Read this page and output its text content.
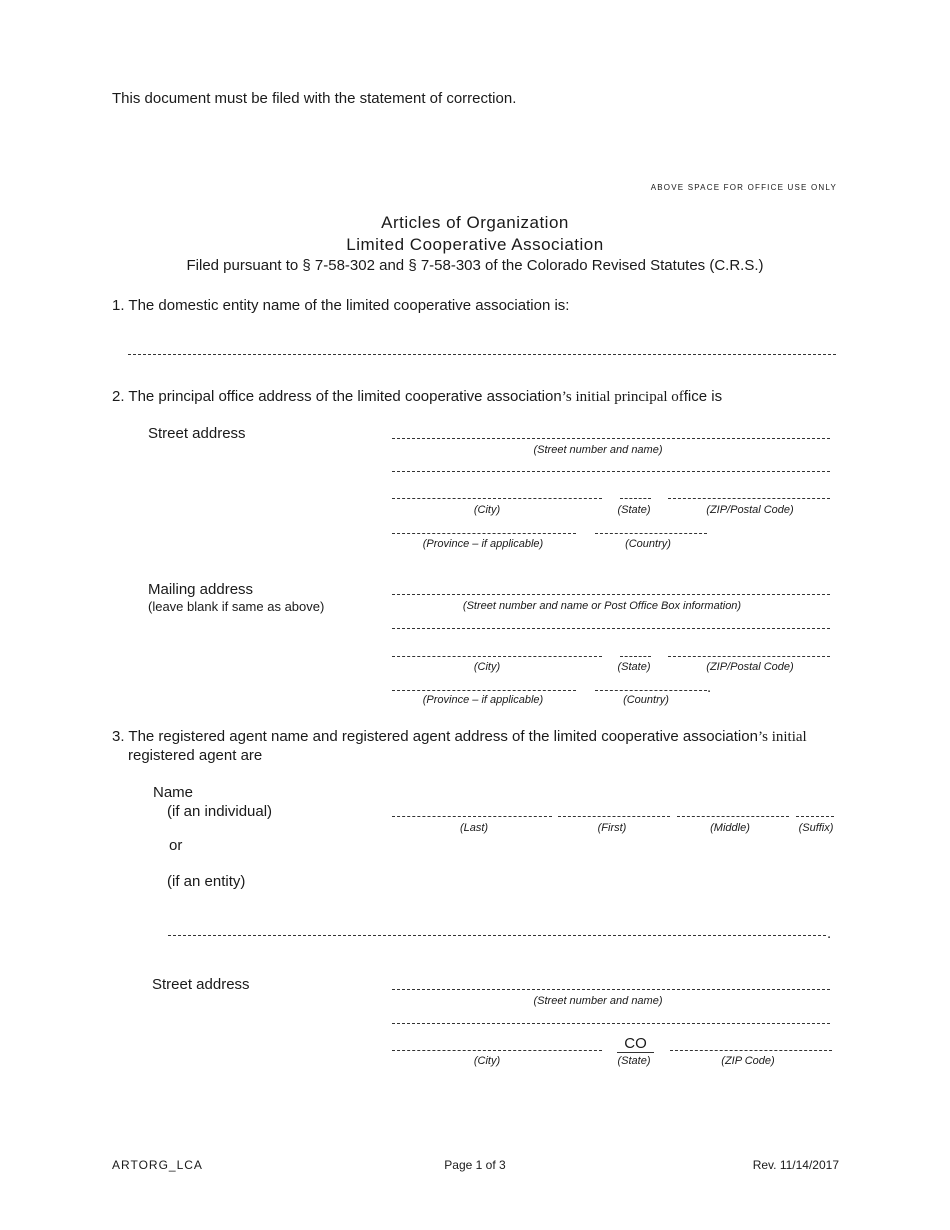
This document must be filed with the statement of correction.
ABOVE SPACE FOR OFFICE USE ONLY
Articles of Organization
Limited Cooperative Association
Filed pursuant to § 7-58-302 and § 7-58-303 of the Colorado Revised Statutes (C.R.S.)
1. The domestic entity name of the limited cooperative association is:
2. The principal office address of the limited cooperative association’s initial principal office is
Street address
(Street number and name)
(City)	(State)	(ZIP/Postal Code)
(Province – if applicable)	(Country)
Mailing address
(leave blank if same as above)	(Street number and name or Post Office Box information)
(City)	(State)	(ZIP/Postal Code)
.
(Province – if applicable)	(Country)
3. The registered agent name and registered agent address of the limited cooperative association’s initial
registered agent are
Name
(if an individual)
(Last)	(First)	(Middle)	(Suffix)
or
(if an entity)
.
Street address
(Street number and name)
CO
(City)	(State)	(ZIP Code)
ARTORG_LCA	Page 1 of 3	Rev. 11/14/2017
